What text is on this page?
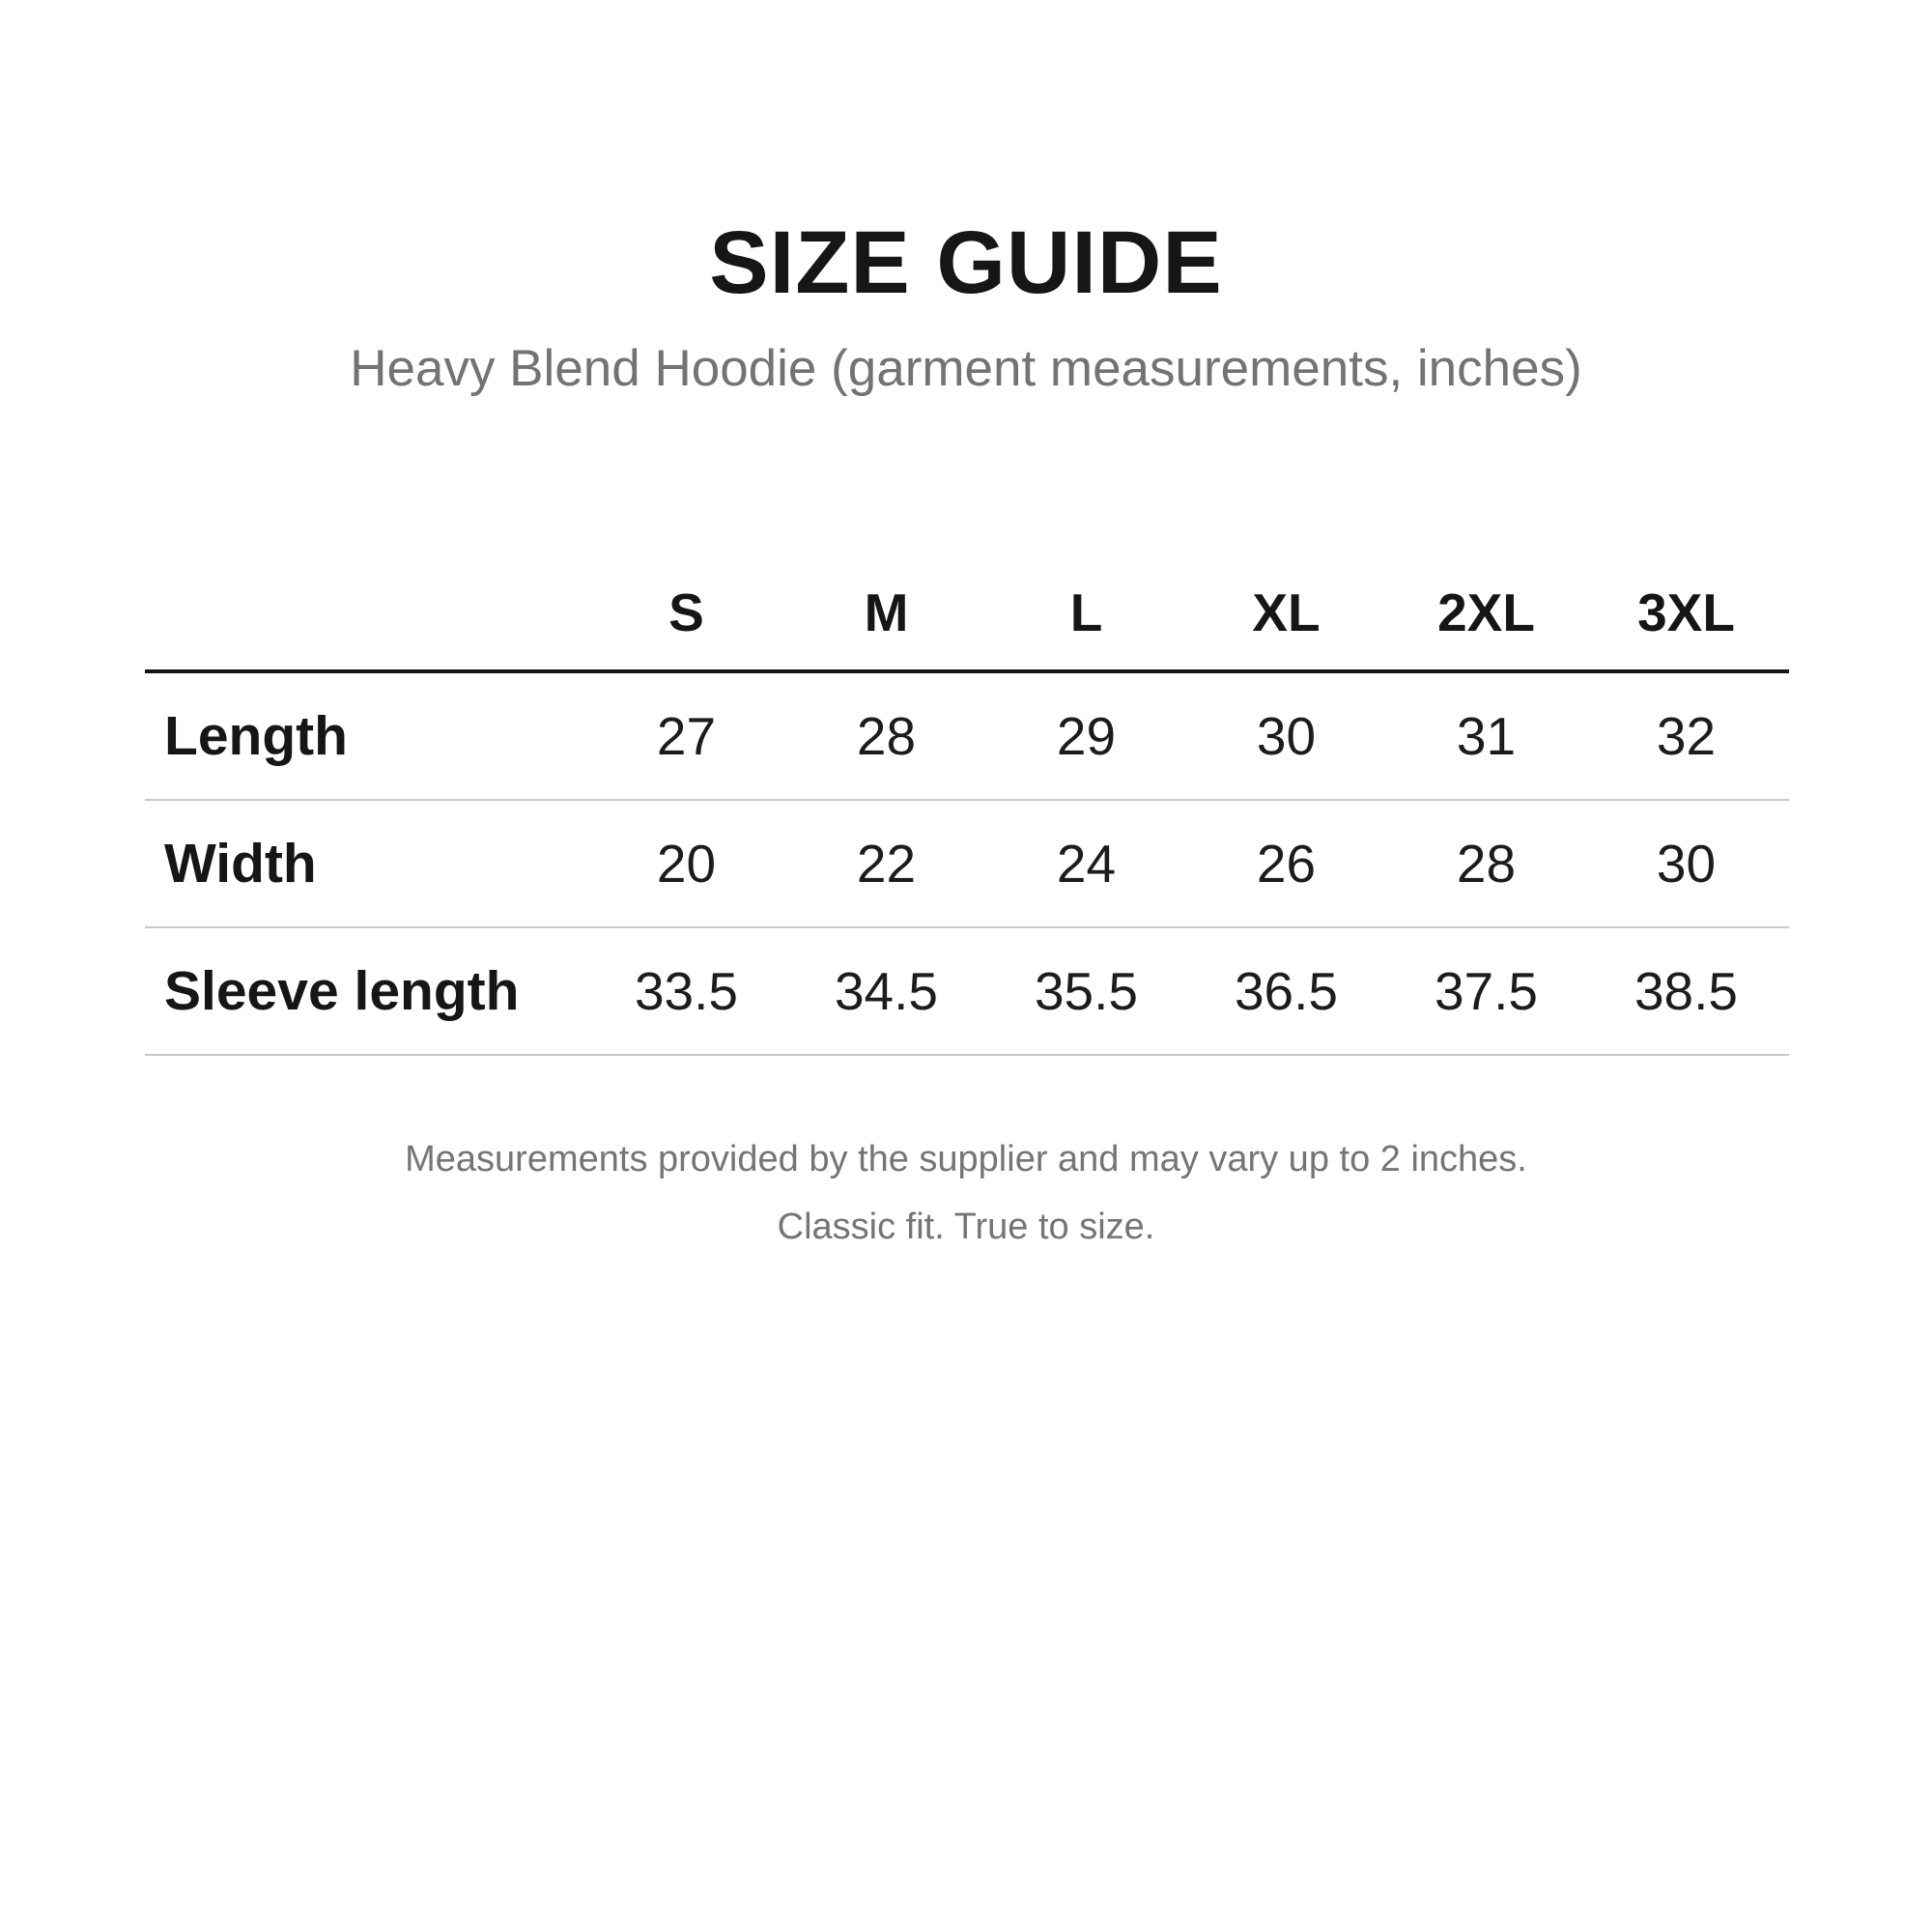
SIZE GUIDE
Heavy Blend Hoodie (garment measurements, inches)
S	M	L	XL	2XL	3XL
Length	27	28	29	30	31	32
Width	20	22	24	26	28	30
Sleeve length	33.5	34.5	35.5	36.5	37.5	38.5
Measurements provided by the supplier and may vary up to 2 inches.
Classic fit. True to size.
